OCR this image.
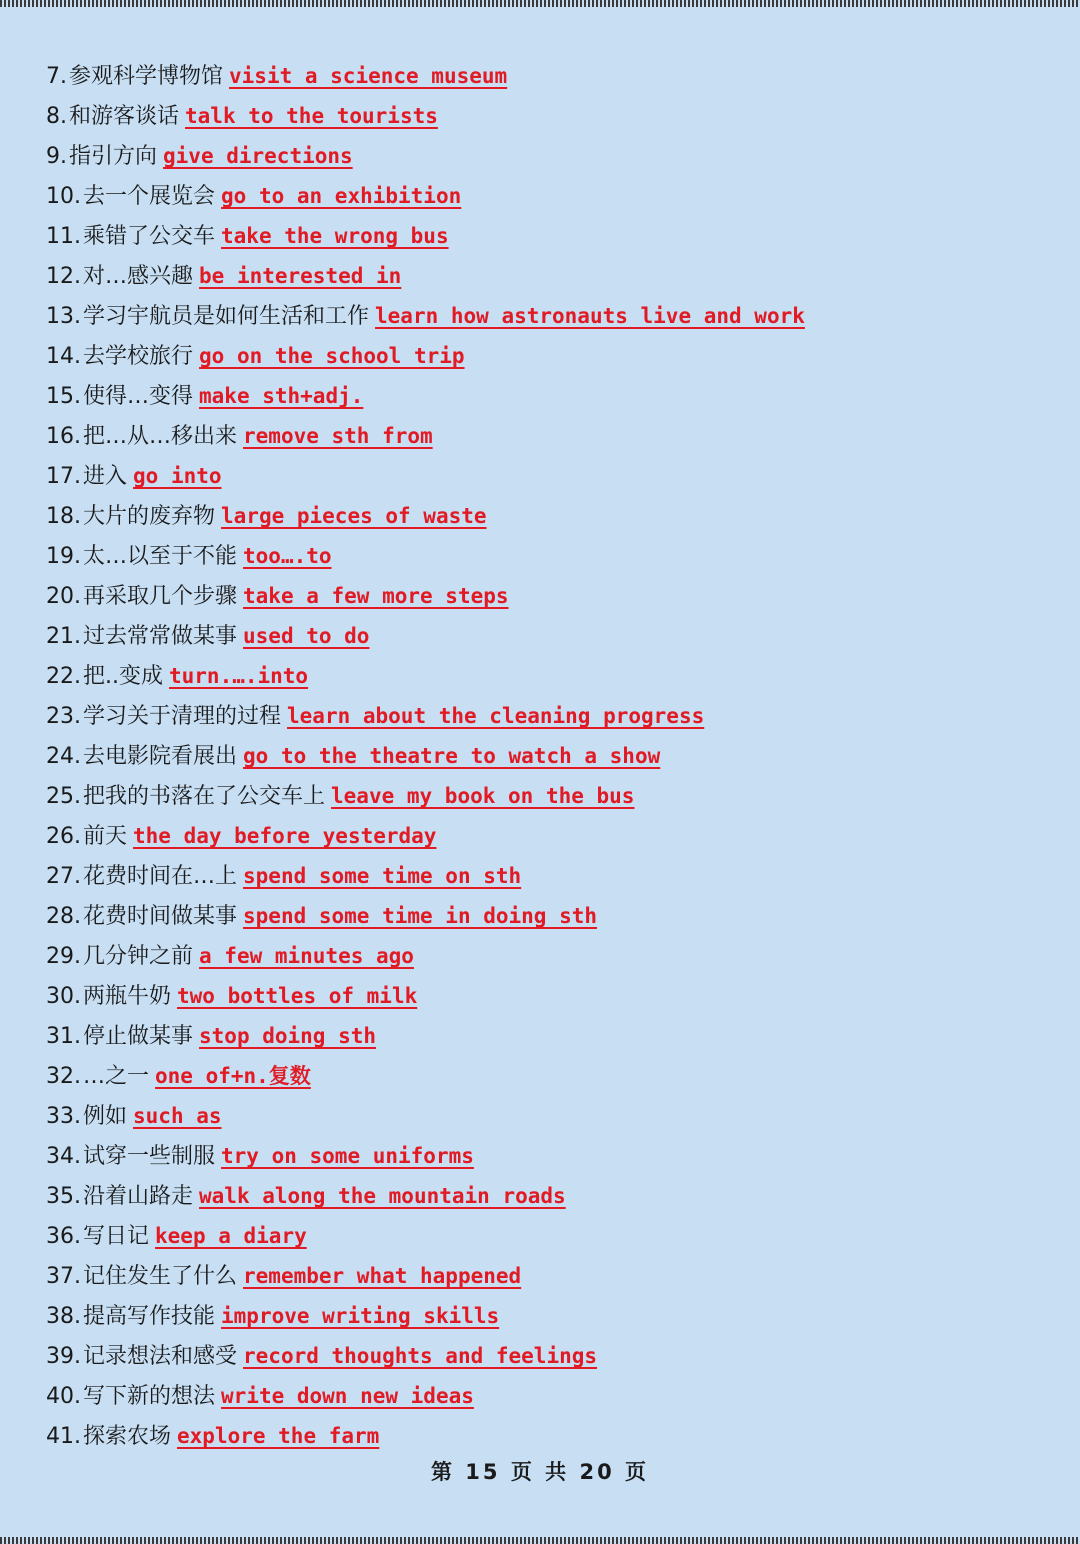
7.参观科学博物馆 visit a science museum
8.和游客谈话 talk to the tourists
9.指引方向 give directions
10.去一个展览会 go to an exhibition
11.乘错了公交车 take the wrong bus
12.对…感兴趣 be interested in
13.学习宇航员是如何生活和工作 learn how astronauts live and work
14.去学校旅行 go on the school trip
15.使得…变得 make sth+adj.
16.把…从…移出来 remove sth from
17.进入 go into
18.大片的废弃物 large pieces of waste
19.太…以至于不能 too….to
20.再采取几个步骤 take a few more steps
21.过去常常做某事 used to do
22.把..变成 turn.….into
23.学习关于清理的过程 learn about the cleaning progress
24.去电影院看展出 go to the theatre to watch a show
25.把我的书落在了公交车上 leave my book on the bus
26.前天 the day before yesterday
27.花费时间在…上 spend some time on sth
28.花费时间做某事 spend some time in doing sth
29.几分钟之前 a few minutes ago
30.两瓶牛奶 two bottles of milk
31.停止做某事 stop doing sth
32.…之一 one of+n.复数
33.例如 such as
34.试穿一些制服 try on some uniforms
35.沿着山路走 walk along the mountain roads
36.写日记 keep a diary
37.记住发生了什么 remember what happened
38.提高写作技能 improve writing skills
39.记录想法和感受 record thoughts and feelings
40.写下新的想法 write down new ideas
41.探索农场 explore the farm
第 15 页 共 20 页
